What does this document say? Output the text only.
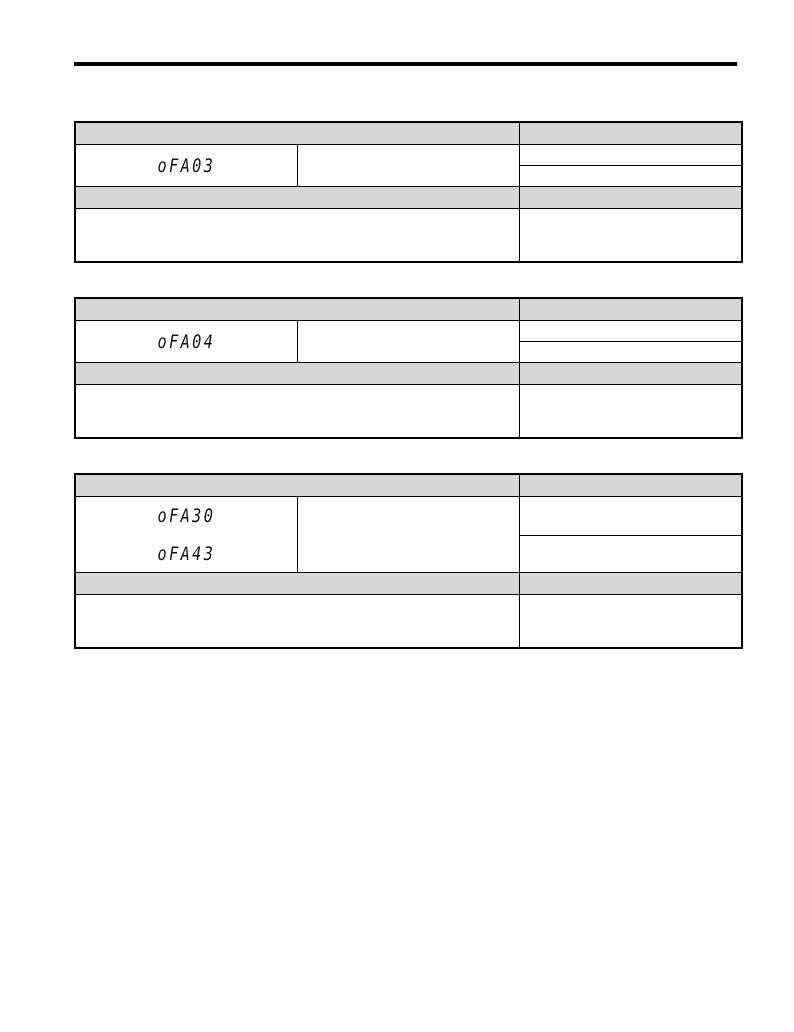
oFA03		

oFA04		

oFA30
oFA43		
